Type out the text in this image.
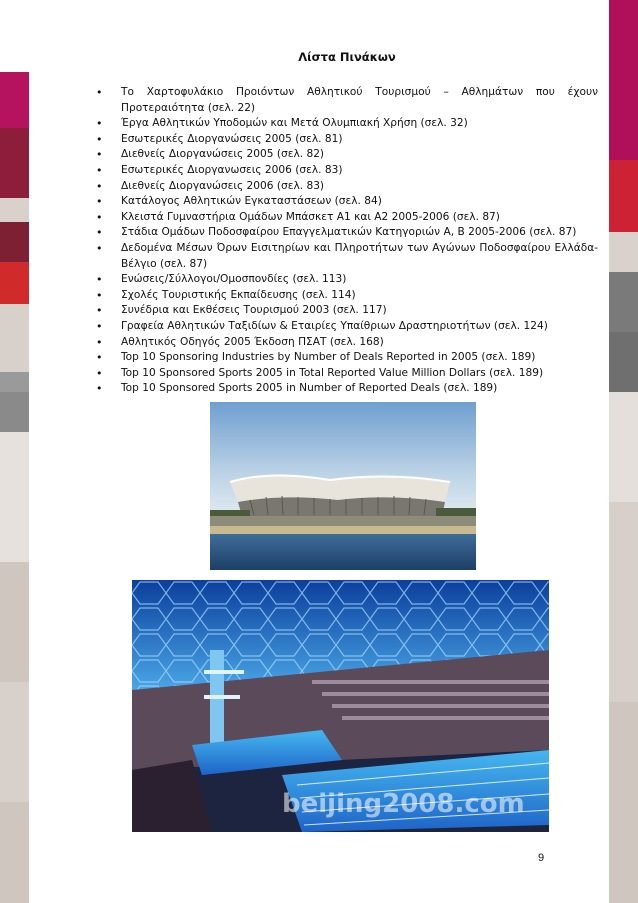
Λίστα Πινάκων
• Το Χαρτοφυλάκιο Προιόντων Αθλητικού Τουρισμού – Αθλημάτων που έχουν Προτεραιότητα (σελ. 22)
• Έργα Αθλητικών Υποδομών και Μετά Ολυμπιακή Χρήση (σελ. 32)
• Εσωτερικές Διοργανώσεις 2005 (σελ. 81)
• Διεθνείς Διοργανώσεις 2005 (σελ. 82)
• Εσωτερικές Διοργανωσεις 2006 (σελ. 83)
• Διεθνείς Διοργανώσεις 2006 (σελ. 83)
• Κατάλογος Αθλητικών Εγκαταστάσεων (σελ. 84)
• Κλειστά Γυμναστήρια Ομάδων Μπάσκετ Α1 και Α2 2005-2006 (σελ. 87)
• Στάδια Ομάδων Ποδοσφαίρου Επαγγελματικών Κατηγοριών Α, Β 2005-2006 (σελ. 87)
• Δεδομένα Μέσων Όρων Εισιτηρίων και Πληροτήτων των Αγώνων Ποδοσφαίρου Ελλάδα-Βέλγιο (σελ. 87)
• Ενώσεις/Σύλλογοι/Ομοσπονδίες (σελ. 113)
• Σχολές Τουριστικής Εκπαίδευσης (σελ. 114)
• Συνέδρια και Εκθέσεις Τουρισμού 2003 (σελ. 117)
• Γραφεία Αθλητικών Ταξιδίων & Εταιρίες Υπαίθριων Δραστηριοτήτων (σελ. 124)
• Αθλητικός Οδηγός 2005 Έκδοση ΠΣΑΤ (σελ. 168)
• Top 10 Sponsoring Industries by Number of Deals Reported in 2005 (σελ. 189)
• Top 10 Sponsored Sports 2005 in Total Reported Value Million Dollars (σελ. 189)
• Top 10 Sponsored Sports 2005 in Number of Reported Deals (σελ. 189)
beijing2008.com
9
